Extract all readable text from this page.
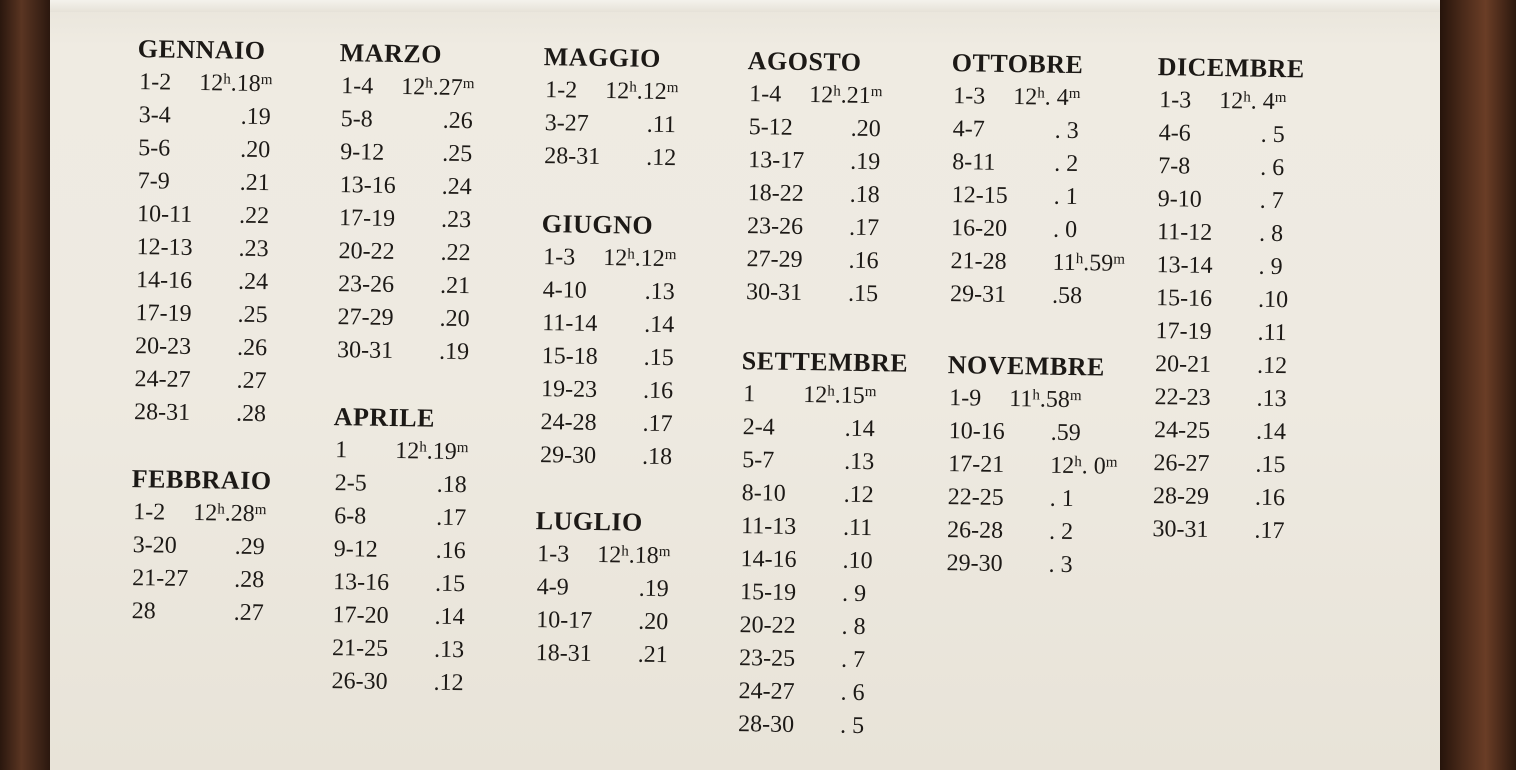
GENNAIO
1-2 12$^h$.18$^m$
3-4	.19
5-6	.20
7-9	.21
10-11 .22
12-13 .23
14-16 .24
17-19 .25
20-23 .26
24-27 .27
28-31 .28
FEBBRAIO
1-2 12$^h$.28$^m$
3-20 .29
21-27 .28
28	.27
MARZO
1-4 12$^h$.27$^m$
5-8	.26
9-12 .25
13-16 .24
17-19 .23
20-22 .22
23-26 .21
27-29 .20
30-31 .19
APRILE
1 12$^h$.19$^m$
2-5	.18
6-8	.17
9-12 .16
13-16 .15
17-20 .14
21-25 .13
26-30 .12
MAGGIO
1-2 12$^h$.12$^m$
3-27 .11
28-31 .12
GIUGNO
1-3 12$^h$.12$^m$
4-10 .13
11-14 .14
15-18 .15
19-23 .16
24-28 .17
29-30 .18
LUGLIO
1-3 12$^h$.18$^m$
4-9	.19
10-17 .20
18-31 .21
AGOSTO
1-4 12$^h$.21$^m$
5-12 .20
13-17 .19
18-22 .18
23-26 .17
27-29 .16
30-31 .15
SETTEMBRE
1 12$^h$.15$^m$
2-4	.14
5-7	.13
8-10 .12
11-13 .11
14-16 .10
15-19 . 9
20-22 . 8
23-25 . 7
24-27 . 6
28-30 . 5
OTTOBRE
1-3 12$^h$. 4$^m$
4-7	. 3
8-11 . 2
12-15 . 1
16-20 . 0
21-28 11$^h$.59$^m$
29-31 .58
NOVEMBRE
1-9 11$^h$.58$^m$
10-16 .59
17-21 12$^h$. 0$^m$
22-25 . 1
26-28 . 2
29-30 . 3
DICEMBRE
1-3 12$^h$. 4$^m$
4-6	. 5
7-8	. 6
9-10 . 7
11-12 . 8
13-14 . 9
15-16 .10
17-19 .11
20-21 .12
22-23 .13
24-25 .14
26-27 .15
28-29 .16
30-31 .17
